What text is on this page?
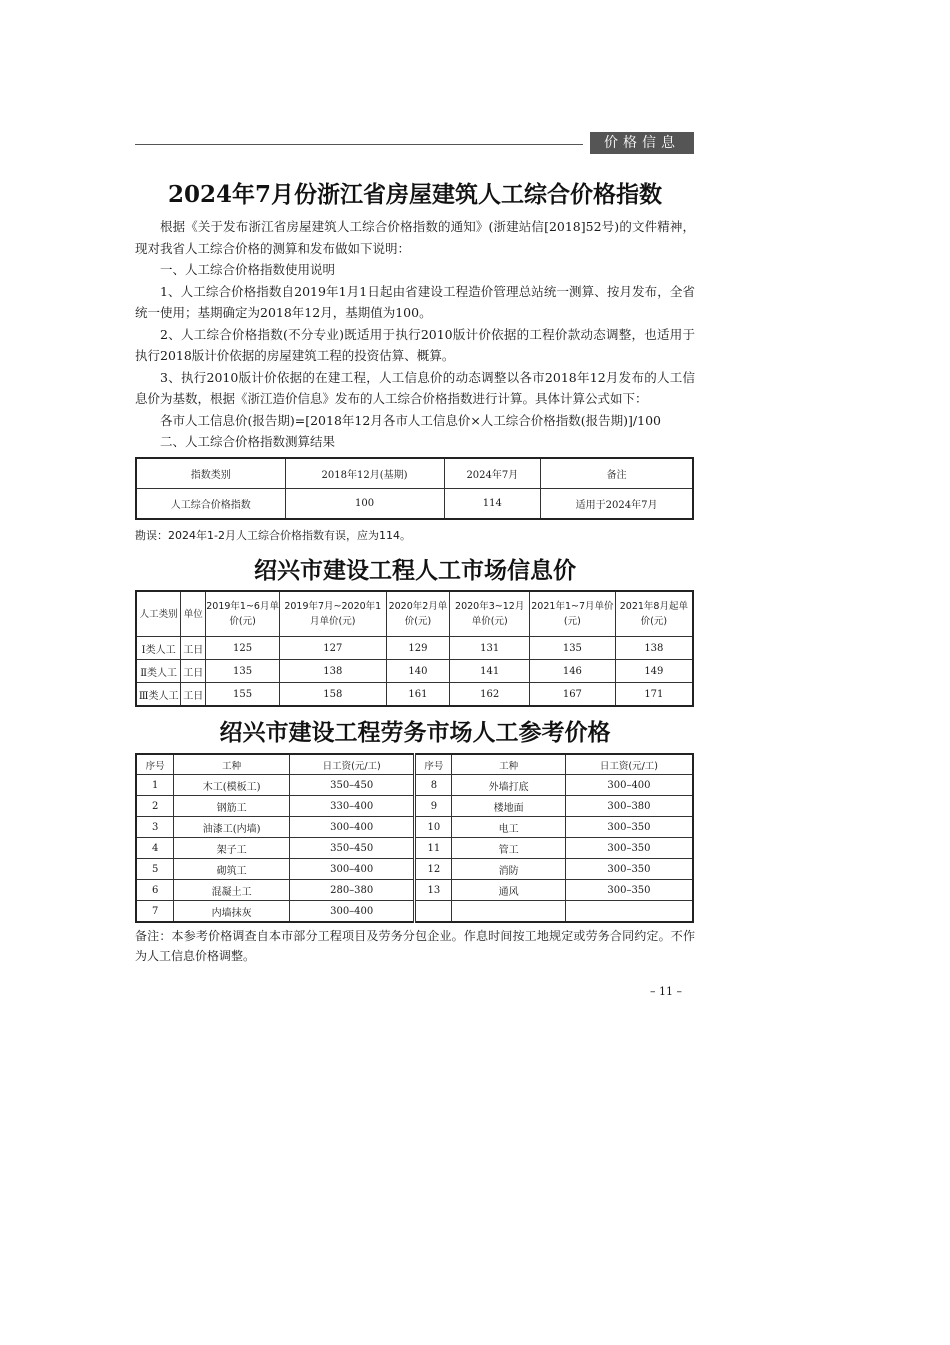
价格信息
2024年7月份浙江省房屋建筑人工综合价格指数

根据《关于发布浙江省房屋建筑人工综合价格指数的通知》(浙建站信[2018]52号)的文件精神，现对我省人工综合价格的测算和发布做如下说明：

一、人工综合价格指数使用说明

1、人工综合价格指数自2019年1月1日起由省建设工程造价管理总站统一测算、按月发布，全省统一使用；基期确定为2018年12月，基期值为100。

2、人工综合价格指数(不分专业)既适用于执行2010版计价依据的工程价款动态调整，也适用于执行2018版计价依据的房屋建筑工程的投资估算、概算。

3、执行2010版计价依据的在建工程，人工信息价的动态调整以各市2018年12月发布的人工信息价为基数，根据《浙江造价信息》发布的人工综合价格指数进行计算。具体计算公式如下：

各市人工信息价(报告期)=[2018年12月各市人工信息价×人工综合价格指数(报告期)]/100

二、人工综合价格指数测算结果

指数类别	2018年12月(基期)	2024年7月	备注
人工综合价格指数	100	114	适用于2024年7月
勘误：2024年1-2月人工综合价格指数有误，应为114。
绍兴市建设工程人工市场信息价
人工类别	单位	2019年1~6月单价(元)	2019年7月~2020年1月单价(元)	2020年2月单价(元)	2020年3~12月单价(元)	2021年1~7月单价(元)	2021年8月起单价(元)
Ⅰ类人工	工日	125	127	129	131	135	138
Ⅱ类人工	工日	135	138	140	141	146	149
Ⅲ类人工	工日	155	158	161	162	167	171
绍兴市建设工程劳务市场人工参考价格
序号	工种	日工资(元/工)	序号	工种	日工资(元/工)
1	木工(模板工)	350–450	8	外墙打底	300–400
2	钢筋工	330–400	9	楼地面	300–380
3	油漆工(内墙)	300–400	10	电工	300–350
4	架子工	350–450	11	管工	300–350
5	砌筑工	300–400	12	消防	300–350
6	混凝土工	280–380	13	通风	300–350
7	内墙抹灰	300–400			
备注：本参考价格调查自本市部分工程项目及劳务分包企业。作息时间按工地规定或劳务合同约定。不作为人工信息价格调整。
– 11 –
